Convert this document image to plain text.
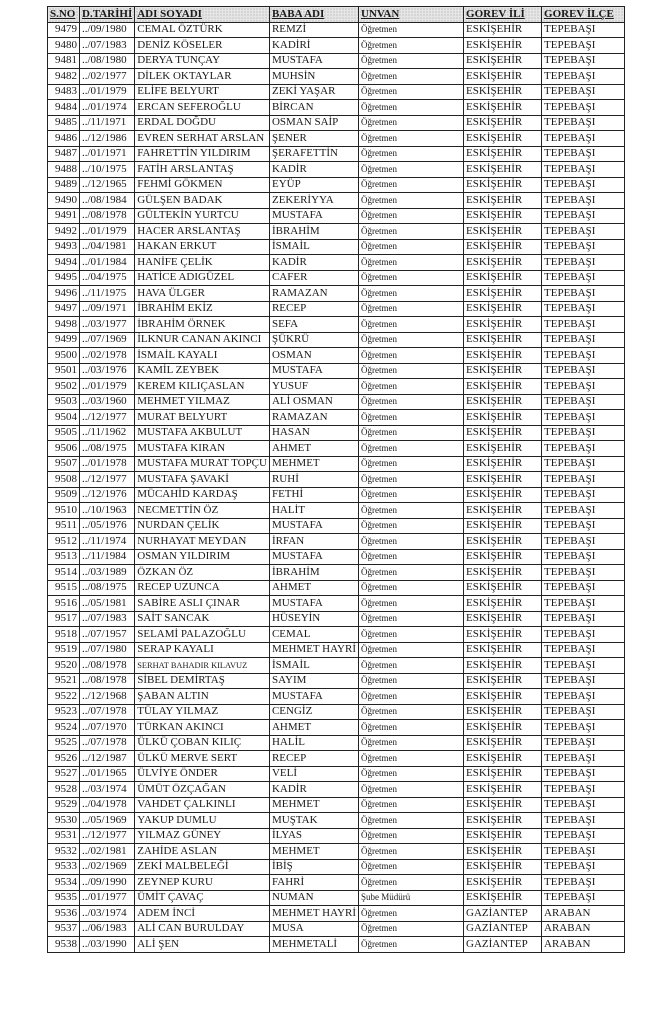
S.NO	D.TARİHİ	ADI SOYADI	BABA ADI	UNVAN	GOREV İLİ	GOREV İLÇE
9479	../09/1980	CEMAL ÖZTÜRK	REMZİ	Öğretmen	ESKİŞEHİR	TEPEBAŞI
9480	../07/1983	DENİZ KÖSELER	KADİRİ	Öğretmen	ESKİŞEHİR	TEPEBAŞI
9481	../08/1980	DERYA TUNÇAY	MUSTAFA	Öğretmen	ESKİŞEHİR	TEPEBAŞI
9482	../02/1977	DİLEK OKTAYLAR	MUHSİN	Öğretmen	ESKİŞEHİR	TEPEBAŞI
9483	../01/1979	ELİFE BELYURT	ZEKİ YAŞAR	Öğretmen	ESKİŞEHİR	TEPEBAŞI
9484	../01/1974	ERCAN SEFEROĞLU	BİRCAN	Öğretmen	ESKİŞEHİR	TEPEBAŞI
9485	../11/1971	ERDAL DOĞDU	OSMAN SAİP	Öğretmen	ESKİŞEHİR	TEPEBAŞI
9486	../12/1986	EVREN SERHAT ARSLAN	ŞENER	Öğretmen	ESKİŞEHİR	TEPEBAŞI
9487	../01/1971	FAHRETTİN YILDIRIM	ŞERAFETTİN	Öğretmen	ESKİŞEHİR	TEPEBAŞI
9488	../10/1975	FATİH ARSLANTAŞ	KADİR	Öğretmen	ESKİŞEHİR	TEPEBAŞI
9489	../12/1965	FEHMİ GÖKMEN	EYÜP	Öğretmen	ESKİŞEHİR	TEPEBAŞI
9490	../08/1984	GÜLŞEN BADAK	ZEKERİYYA	Öğretmen	ESKİŞEHİR	TEPEBAŞI
9491	../08/1978	GÜLTEKİN YURTCU	MUSTAFA	Öğretmen	ESKİŞEHİR	TEPEBAŞI
9492	../01/1979	HACER ARSLANTAŞ	İBRAHİM	Öğretmen	ESKİŞEHİR	TEPEBAŞI
9493	../04/1981	HAKAN ERKUT	İSMAİL	Öğretmen	ESKİŞEHİR	TEPEBAŞI
9494	../01/1984	HANİFE ÇELİK	KADİR	Öğretmen	ESKİŞEHİR	TEPEBAŞI
9495	../04/1975	HATİCE ADIGÜZEL	CAFER	Öğretmen	ESKİŞEHİR	TEPEBAŞI
9496	../11/1975	HAVA ÜLGER	RAMAZAN	Öğretmen	ESKİŞEHİR	TEPEBAŞI
9497	../09/1971	İBRAHİM EKİZ	RECEP	Öğretmen	ESKİŞEHİR	TEPEBAŞI
9498	../03/1977	İBRAHİM ÖRNEK	SEFA	Öğretmen	ESKİŞEHİR	TEPEBAŞI
9499	../07/1969	İLKNUR CANAN AKINCI	ŞÜKRÜ	Öğretmen	ESKİŞEHİR	TEPEBAŞI
9500	../02/1978	İSMAİL KAYALI	OSMAN	Öğretmen	ESKİŞEHİR	TEPEBAŞI
9501	../03/1976	KAMİL ZEYBEK	MUSTAFA	Öğretmen	ESKİŞEHİR	TEPEBAŞI
9502	../01/1979	KEREM KILIÇASLAN	YUSUF	Öğretmen	ESKİŞEHİR	TEPEBAŞI
9503	../03/1960	MEHMET YILMAZ	ALİ OSMAN	Öğretmen	ESKİŞEHİR	TEPEBAŞI
9504	../12/1977	MURAT BELYURT	RAMAZAN	Öğretmen	ESKİŞEHİR	TEPEBAŞI
9505	../11/1962	MUSTAFA AKBULUT	HASAN	Öğretmen	ESKİŞEHİR	TEPEBAŞI
9506	../08/1975	MUSTAFA KIRAN	AHMET	Öğretmen	ESKİŞEHİR	TEPEBAŞI
9507	../01/1978	MUSTAFA MURAT TOPÇU	MEHMET	Öğretmen	ESKİŞEHİR	TEPEBAŞI
9508	../12/1977	MUSTAFA ŞAVAKİ	RUHİ	Öğretmen	ESKİŞEHİR	TEPEBAŞI
9509	../12/1976	MÜCAHİD KARDAŞ	FETHİ	Öğretmen	ESKİŞEHİR	TEPEBAŞI
9510	../10/1963	NECMETTİN ÖZ	HALİT	Öğretmen	ESKİŞEHİR	TEPEBAŞI
9511	../05/1976	NURDAN ÇELİK	MUSTAFA	Öğretmen	ESKİŞEHİR	TEPEBAŞI
9512	../11/1974	NURHAYAT MEYDAN	İRFAN	Öğretmen	ESKİŞEHİR	TEPEBAŞI
9513	../11/1984	OSMAN YILDIRIM	MUSTAFA	Öğretmen	ESKİŞEHİR	TEPEBAŞI
9514	../03/1989	ÖZKAN ÖZ	İBRAHİM	Öğretmen	ESKİŞEHİR	TEPEBAŞI
9515	../08/1975	RECEP UZUNCA	AHMET	Öğretmen	ESKİŞEHİR	TEPEBAŞI
9516	../05/1981	SABİRE ASLI ÇINAR	MUSTAFA	Öğretmen	ESKİŞEHİR	TEPEBAŞI
9517	../07/1983	SAİT SANCAK	HÜSEYİN	Öğretmen	ESKİŞEHİR	TEPEBAŞI
9518	../07/1957	SELAMİ PALAZOĞLU	CEMAL	Öğretmen	ESKİŞEHİR	TEPEBAŞI
9519	../07/1980	SERAP KAYALI	MEHMET HAYRİ	Öğretmen	ESKİŞEHİR	TEPEBAŞI
9520	../08/1978	SERHAT BAHADIR KILAVUZ	İSMAİL	Öğretmen	ESKİŞEHİR	TEPEBAŞI
9521	../08/1978	SİBEL DEMİRTAŞ	SAYIM	Öğretmen	ESKİŞEHİR	TEPEBAŞI
9522	../12/1968	ŞABAN ALTIN	MUSTAFA	Öğretmen	ESKİŞEHİR	TEPEBAŞI
9523	../07/1978	TÜLAY YILMAZ	CENGİZ	Öğretmen	ESKİŞEHİR	TEPEBAŞI
9524	../07/1970	TÜRKAN AKINCI	AHMET	Öğretmen	ESKİŞEHİR	TEPEBAŞI
9525	../07/1978	ÜLKÜ ÇOBAN KILIÇ	HALİL	Öğretmen	ESKİŞEHİR	TEPEBAŞI
9526	../12/1987	ÜLKÜ MERVE SERT	RECEP	Öğretmen	ESKİŞEHİR	TEPEBAŞI
9527	../01/1965	ÜLVİYE ÖNDER	VELİ	Öğretmen	ESKİŞEHİR	TEPEBAŞI
9528	../03/1974	ÜMÜT ÖZÇAĞAN	KADİR	Öğretmen	ESKİŞEHİR	TEPEBAŞI
9529	../04/1978	VAHDET ÇALKINLI	MEHMET	Öğretmen	ESKİŞEHİR	TEPEBAŞI
9530	../05/1969	YAKUP DUMLU	MUŞTAK	Öğretmen	ESKİŞEHİR	TEPEBAŞI
9531	../12/1977	YILMAZ GÜNEY	İLYAS	Öğretmen	ESKİŞEHİR	TEPEBAŞI
9532	../02/1981	ZAHİDE ASLAN	MEHMET	Öğretmen	ESKİŞEHİR	TEPEBAŞI
9533	../02/1969	ZEKİ MALBELEĞİ	İBİŞ	Öğretmen	ESKİŞEHİR	TEPEBAŞI
9534	../09/1990	ZEYNEP KURU	FAHRİ	Öğretmen	ESKİŞEHİR	TEPEBAŞI
9535	../01/1977	ÜMİT ÇAVAÇ	NUMAN	Şube Müdürü	ESKİŞEHİR	TEPEBAŞI
9536	../03/1974	ADEM İNCİ	MEHMET HAYRİ	Öğretmen	GAZİANTEP	ARABAN
9537	../06/1983	ALİ CAN BURULDAY	MUSA	Öğretmen	GAZİANTEP	ARABAN
9538	../03/1990	ALİ ŞEN	MEHMETALİ	Öğretmen	GAZİANTEP	ARABAN
